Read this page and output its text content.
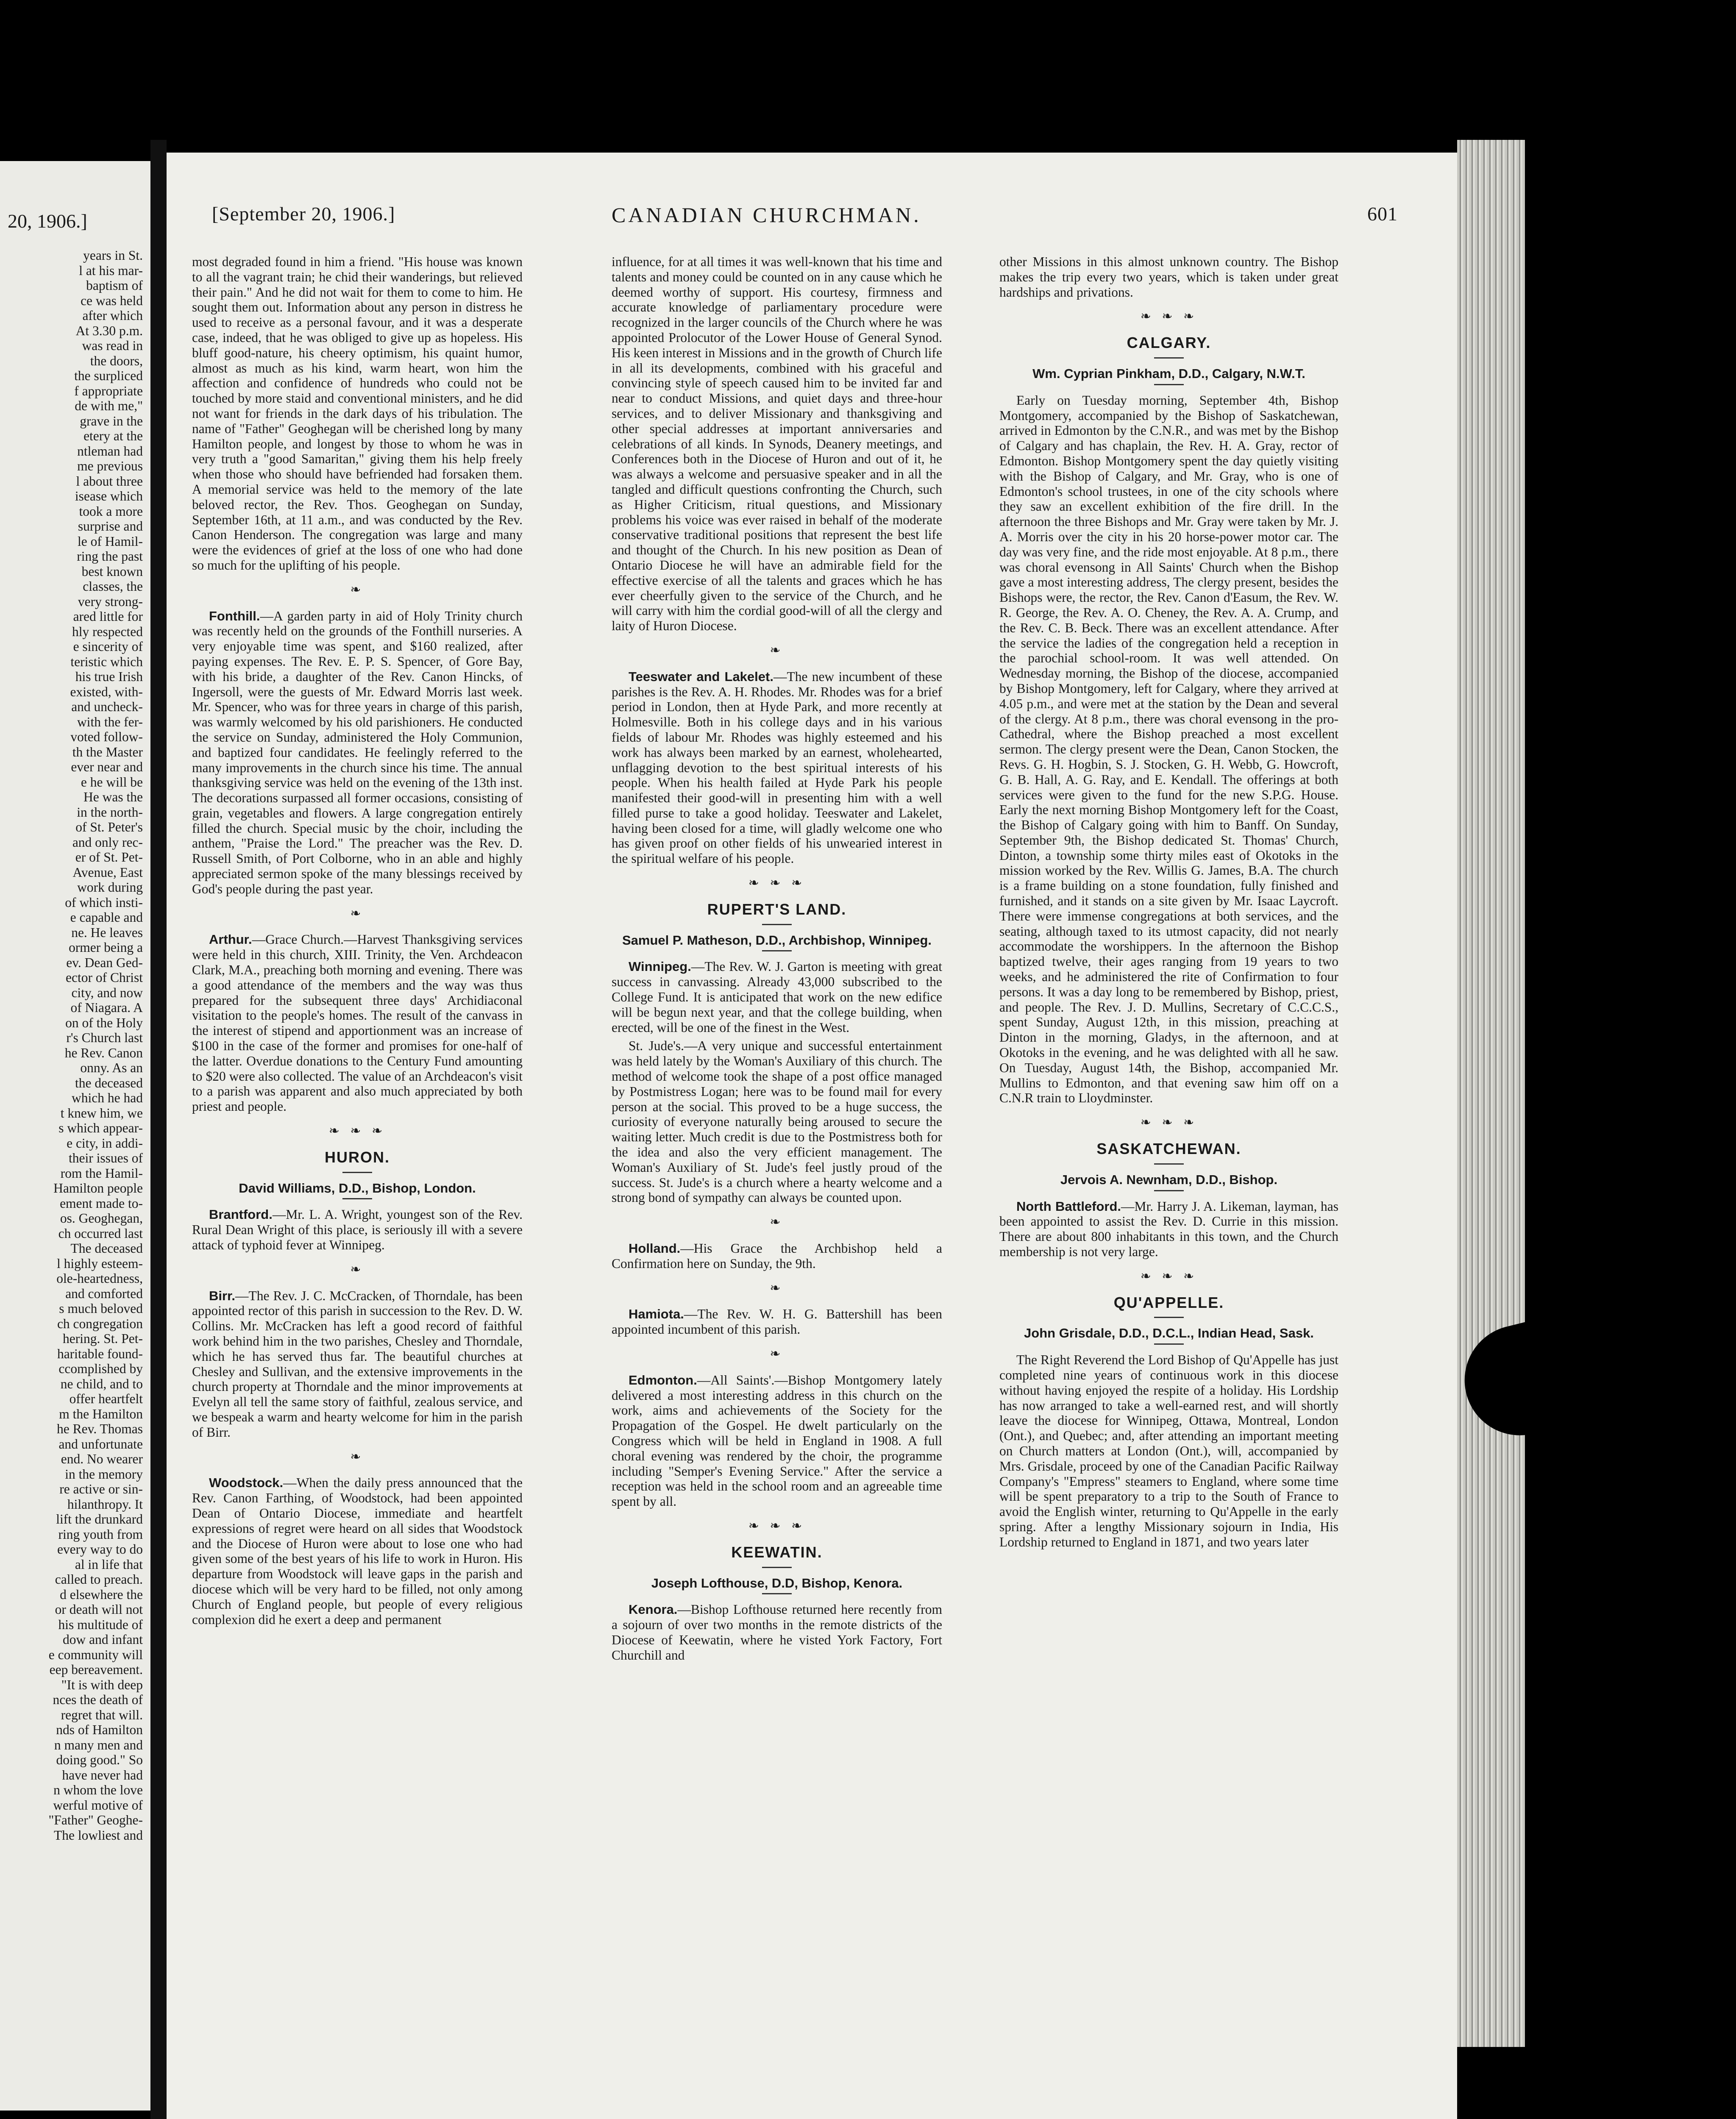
20, 1906.]
years in St.
l at his mar-
baptism of
ce was held
after which
At 3.30 p.m.
was read in
the doors,
the surpliced
f appropriate
de with me,"
grave in the
etery at the
ntleman had
me previous
l about three
isease which
took a more
surprise and
le of Hamil-
ring the past
best known
classes, the
very strong-
ared little for
hly respected
e sincerity of
teristic which
his true Irish
existed, with-
and uncheck-
with the fer-
voted follow-
th the Master
ever near and
e he will be
He was the
in the north-
of St. Peter's
and only rec-
er of St. Pet-
Avenue, East
work during
of which insti-
e capable and
ne. He leaves
ormer being a
ev. Dean Ged-
ector of Christ
city, and now
of Niagara. A
on of the Holy
r's Church last
he Rev. Canon
onny. As an
the deceased
which he had
t knew him, we
s which appear-
e city, in addi-
their issues of
rom the Hamil-
Hamilton people
ement made to-
os. Geoghegan,
ch occurred last
The deceased
l highly esteem-
ole-heartedness,
and comforted
s much beloved
ch congregation
hering. St. Pet-
haritable found-
ccomplished by
ne child, and to
offer heartfelt
m the Hamilton
he Rev. Thomas
and unfortunate
end. No wearer
in the memory
re active or sin-
hilanthropy. It
lift the drunkard
ring youth from
every way to do
al in life that
called to preach.
d elsewhere the
or death will not
his multitude of
dow and infant
e community will
eep bereavement.
"It is with deep
nces the death of
regret that will.
nds of Hamilton
n many men and
doing good." So
have never had
n whom the love
werful motive of
"Father" Geoghe-
The lowliest and
[September 20, 1906.]	CANADIAN CHURCHMAN.	601

most degraded found in him a friend. "His house was known to all the vagrant train; he chid their wanderings, but relieved their pain." And he did not wait for them to come to him. He sought them out. Information about any person in distress he used to receive as a personal favour, and it was a desperate case, indeed, that he was obliged to give up as hopeless. His bluff good-nature, his cheery optimism, his quaint humor, almost as much as his kind, warm heart, won him the affection and confidence of hundreds who could not be touched by more staid and conventional ministers, and he did not want for friends in the dark days of his tribulation. The name of "Father" Geoghegan will be cherished long by many Hamilton people, and longest by those to whom he was in very truth a "good Samaritan," giving them his help freely when those who should have befriended had forsaken them. A memorial service was held to the memory of the late beloved rector, the Rev. Thos. Geoghegan on Sunday, September 16th, at 11 a.m., and was conducted by the Rev. Canon Henderson. The congregation was large and many were the evidences of grief at the loss of one who had done so much for the uplifting of his people.

❧

Fonthill.—A garden party in aid of Holy Trinity church was recently held on the grounds of the Fonthill nurseries. A very enjoyable time was spent, and $160 realized, after paying expenses. The Rev. E. P. S. Spencer, of Gore Bay, with his bride, a daughter of the Rev. Canon Hincks, of Ingersoll, were the guests of Mr. Edward Morris last week. Mr. Spencer, who was for three years in charge of this parish, was warmly welcomed by his old parishioners. He conducted the service on Sunday, administered the Holy Communion, and baptized four candidates. He feelingly referred to the many improvements in the church since his time. The annual thanksgiving service was held on the evening of the 13th inst. The decorations surpassed all former occasions, consisting of grain, vegetables and flowers. A large congregation entirely filled the church. Special music by the choir, including the anthem, "Praise the Lord." The preacher was the Rev. D. Russell Smith, of Port Colborne, who in an able and highly appreciated sermon spoke of the many blessings received by God's people during the past year.

❧

Arthur.—Grace Church.—Harvest Thanksgiving services were held in this church, XIII. Trinity, the Ven. Archdeacon Clark, M.A., preaching both morning and evening. There was a good attendance of the members and the way was thus prepared for the subsequent three days' Archidiaconal visitation to the people's homes. The result of the canvass in the interest of stipend and apportionment was an increase of $100 in the case of the former and promises for one-half of the latter. Overdue donations to the Century Fund amounting to $20 were also collected. The value of an Archdeacon's visit to a parish was apparent and also much appreciated by both priest and people.

❧ ❧ ❧
HURON.
David Williams, D.D., Bishop, London.

Brantford.—Mr. L. A. Wright, youngest son of the Rev. Rural Dean Wright of this place, is seriously ill with a severe attack of typhoid fever at Winnipeg.

❧

Birr.—The Rev. J. C. McCracken, of Thorndale, has been appointed rector of this parish in succession to the Rev. D. W. Collins. Mr. McCracken has left a good record of faithful work behind him in the two parishes, Chesley and Thorndale, which he has served thus far. The beautiful churches at Chesley and Sullivan, and the extensive improvements in the church property at Thorndale and the minor improvements at Evelyn all tell the same story of faithful, zealous service, and we bespeak a warm and hearty welcome for him in the parish of Birr.

❧

Woodstock.—When the daily press announced that the Rev. Canon Farthing, of Woodstock, had been appointed Dean of Ontario Diocese, immediate and heartfelt expressions of regret were heard on all sides that Woodstock and the Diocese of Huron were about to lose one who had given some of the best years of his life to work in Huron. His departure from Woodstock will leave gaps in the parish and diocese which will be very hard to be filled, not only among Church of England people, but people of every religious complexion did he exert a deep and permanent

influence, for at all times it was well-known that his time and talents and money could be counted on in any cause which he deemed worthy of support. His courtesy, firmness and accurate knowledge of parliamentary procedure were recognized in the larger councils of the Church where he was appointed Prolocutor of the Lower House of General Synod. His keen interest in Missions and in the growth of Church life in all its developments, combined with his graceful and convincing style of speech caused him to be invited far and near to conduct Missions, and quiet days and three-hour services, and to deliver Missionary and thanksgiving and other special addresses at important anniversaries and celebrations of all kinds. In Synods, Deanery meetings, and Conferences both in the Diocese of Huron and out of it, he was always a welcome and persuasive speaker and in all the tangled and difficult questions confronting the Church, such as Higher Criticism, ritual questions, and Missionary problems his voice was ever raised in behalf of the moderate conservative traditional positions that represent the best life and thought of the Church. In his new position as Dean of Ontario Diocese he will have an admirable field for the effective exercise of all the talents and graces which he has ever cheerfully given to the service of the Church, and he will carry with him the cordial good-will of all the clergy and laity of Huron Diocese.

❧

Teeswater and Lakelet.—The new incumbent of these parishes is the Rev. A. H. Rhodes. Mr. Rhodes was for a brief period in London, then at Hyde Park, and more recently at Holmesville. Both in his college days and in his various fields of labour Mr. Rhodes was highly esteemed and his work has always been marked by an earnest, wholehearted, unflagging devotion to the best spiritual interests of his people. When his health failed at Hyde Park his people manifested their good-will in presenting him with a well filled purse to take a good holiday. Teeswater and Lakelet, having been closed for a time, will gladly welcome one who has given proof on other fields of his unwearied interest in the spiritual welfare of his people.

❧ ❧ ❧
RUPERT'S LAND.
Samuel P. Matheson, D.D., Archbishop, Winnipeg.

Winnipeg.—The Rev. W. J. Garton is meeting with great success in canvassing. Already 43,000 subscribed to the College Fund. It is anticipated that work on the new edifice will be begun next year, and that the college building, when erected, will be one of the finest in the West.

St. Jude's.—A very unique and successful entertainment was held lately by the Woman's Auxiliary of this church. The method of welcome took the shape of a post office managed by Postmistress Logan; here was to be found mail for every person at the social. This proved to be a huge success, the curiosity of everyone naturally being aroused to secure the waiting letter. Much credit is due to the Postmistress both for the idea and also the very efficient management. The Woman's Auxiliary of St. Jude's feel justly proud of the success. St. Jude's is a church where a hearty welcome and a strong bond of sympathy can always be counted upon.

❧

Holland.—His Grace the Archbishop held a Confirmation here on Sunday, the 9th.

❧

Hamiota.—The Rev. W. H. G. Battershill has been appointed incumbent of this parish.

❧

Edmonton.—All Saints'.—Bishop Montgomery lately delivered a most interesting address in this church on the work, aims and achievements of the Society for the Propagation of the Gospel. He dwelt particularly on the Congress which will be held in England in 1908. A full choral evening was rendered by the choir, the programme including "Semper's Evening Service." After the service a reception was held in the school room and an agreeable time spent by all.

❧ ❧ ❧
KEEWATIN.
Joseph Lofthouse, D.D, Bishop, Kenora.

Kenora.—Bishop Lofthouse returned here recently from a sojourn of over two months in the remote districts of the Diocese of Keewatin, where he visted York Factory, Fort Churchill and

other Missions in this almost unknown country. The Bishop makes the trip every two years, which is taken under great hardships and privations.

❧ ❧ ❧
CALGARY.
Wm. Cyprian Pinkham, D.D., Calgary, N.W.T.

Early on Tuesday morning, September 4th, Bishop Montgomery, accompanied by the Bishop of Saskatchewan, arrived in Edmonton by the C.N.R., and was met by the Bishop of Calgary and has chaplain, the Rev. H. A. Gray, rector of Edmonton. Bishop Montgomery spent the day quietly visiting with the Bishop of Calgary, and Mr. Gray, who is one of Edmonton's school trustees, in one of the city schools where they saw an excellent exhibition of the fire drill. In the afternoon the three Bishops and Mr. Gray were taken by Mr. J. A. Morris over the city in his 20 horse-power motor car. The day was very fine, and the ride most enjoyable. At 8 p.m., there was choral evensong in All Saints' Church when the Bishop gave a most interesting address, The clergy present, besides the Bishops were, the rector, the Rev. Canon d'Easum, the Rev. W. R. George, the Rev. A. O. Cheney, the Rev. A. A. Crump, and the Rev. C. B. Beck. There was an excellent attendance. After the service the ladies of the congregation held a reception in the parochial school-room. It was well attended. On Wednesday morning, the Bishop of the diocese, accompanied by Bishop Montgomery, left for Calgary, where they arrived at 4.05 p.m., and were met at the station by the Dean and several of the clergy. At 8 p.m., there was choral evensong in the pro-Cathedral, where the Bishop preached a most excellent sermon. The clergy present were the Dean, Canon Stocken, the Revs. G. H. Hogbin, S. J. Stocken, G. H. Webb, G. Howcroft, G. B. Hall, A. G. Ray, and E. Kendall. The offerings at both services were given to the fund for the new S.P.G. House. Early the next morning Bishop Montgomery left for the Coast, the Bishop of Calgary going with him to Banff. On Sunday, September 9th, the Bishop dedicated St. Thomas' Church, Dinton, a township some thirty miles east of Okotoks in the mission worked by the Rev. Willis G. James, B.A. The church is a frame building on a stone foundation, fully finished and furnished, and it stands on a site given by Mr. Isaac Laycroft. There were immense congregations at both services, and the seating, although taxed to its utmost capacity, did not nearly accommodate the worshippers. In the afternoon the Bishop baptized twelve, their ages ranging from 19 years to two weeks, and he administered the rite of Confirmation to four persons. It was a day long to be remembered by Bishop, priest, and people. The Rev. J. D. Mullins, Secretary of C.C.C.S., spent Sunday, August 12th, in this mission, preaching at Dinton in the morning, Gladys, in the afternoon, and at Okotoks in the evening, and he was delighted with all he saw. On Tuesday, August 14th, the Bishop, accompanied Mr. Mullins to Edmonton, and that evening saw him off on a C.N.R train to Lloydminster.

❧ ❧ ❧
SASKATCHEWAN.
Jervois A. Newnham, D.D., Bishop.

North Battleford.—Mr. Harry J. A. Likeman, layman, has been appointed to assist the Rev. D. Currie in this mission. There are about 800 inhabitants in this town, and the Church membership is not very large.

❧ ❧ ❧
QU'APPELLE.
John Grisdale, D.D., D.C.L., Indian Head, Sask.

The Right Reverend the Lord Bishop of Qu'Appelle has just completed nine years of continuous work in this diocese without having enjoyed the respite of a holiday. His Lordship has now arranged to take a well-earned rest, and will shortly leave the diocese for Winnipeg, Ottawa, Montreal, London (Ont.), and Quebec; and, after attending an important meeting on Church matters at London (Ont.), will, accompanied by Mrs. Grisdale, proceed by one of the Canadian Pacific Railway Company's "Empress" steamers to England, where some time will be spent preparatory to a trip to the South of France to avoid the English winter, returning to Qu'Appelle in the early spring. After a lengthy Missionary sojourn in India, His Lordship returned to England in 1871, and two years later
